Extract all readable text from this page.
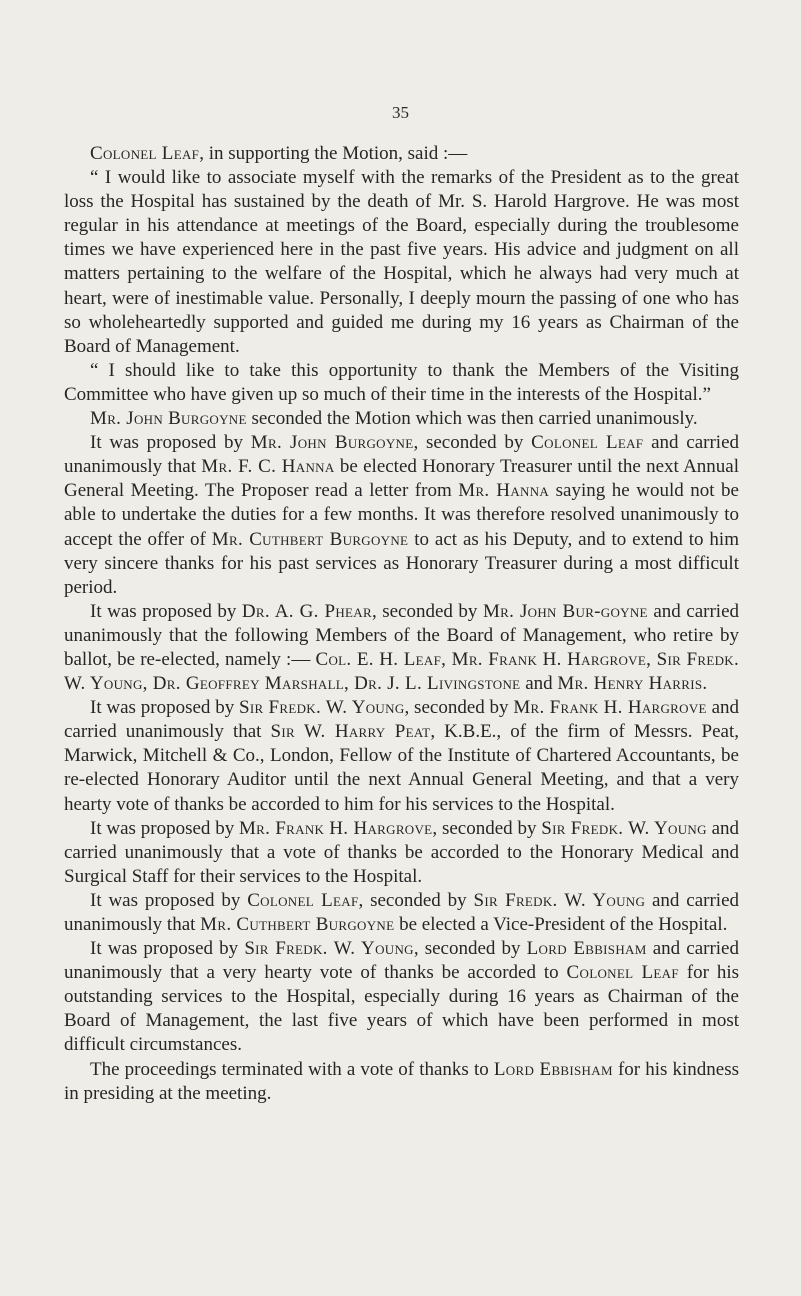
35

Colonel Leaf, in supporting the Motion, said :—

“ I would like to associate myself with the remarks of the President as to the great loss the Hospital has sustained by the death of Mr. S. Harold Hargrove. He was most regular in his attendance at meetings of the Board, especially during the troublesome times we have experienced here in the past five years. His advice and judgment on all matters pertaining to the welfare of the Hospital, which he always had very much at heart, were of inestimable value. Personally, I deeply mourn the passing of one who has so wholeheartedly supported and guided me during my 16 years as Chairman of the Board of Management.

“ I should like to take this opportunity to thank the Members of the Visiting Committee who have given up so much of their time in the interests of the Hospital.”

Mr. John Burgoyne seconded the Motion which was then carried unanimously.

It was proposed by Mr. John Burgoyne, seconded by Colonel Leaf and carried unanimously that Mr. F. C. Hanna be elected Honorary Treasurer until the next Annual General Meeting. The Proposer read a letter from Mr. Hanna saying he would not be able to undertake the duties for a few months. It was therefore resolved unanimously to accept the offer of Mr. Cuthbert Burgoyne to act as his Deputy, and to extend to him very sincere thanks for his past services as Honorary Treasurer during a most difficult period.

It was proposed by Dr. A. G. Phear, seconded by Mr. John Bur-goyne and carried unanimously that the following Members of the Board of Management, who retire by ballot, be re-elected, namely :— Col. E. H. Leaf, Mr. Frank H. Hargrove, Sir Fredk. W. Young, Dr. Geoffrey Marshall, Dr. J. L. Livingstone and Mr. Henry Harris.

It was proposed by Sir Fredk. W. Young, seconded by Mr. Frank H. Hargrove and carried unanimously that Sir W. Harry Peat, K.B.E., of the firm of Messrs. Peat, Marwick, Mitchell & Co., London, Fellow of the Institute of Chartered Accountants, be re-elected Honorary Auditor until the next Annual General Meeting, and that a very hearty vote of thanks be accorded to him for his services to the Hospital.

It was proposed by Mr. Frank H. Hargrove, seconded by Sir Fredk. W. Young and carried unanimously that a vote of thanks be accorded to the Honorary Medical and Surgical Staff for their services to the Hospital.

It was proposed by Colonel Leaf, seconded by Sir Fredk. W. Young and carried unanimously that Mr. Cuthbert Burgoyne be elected a Vice-President of the Hospital.

It was proposed by Sir Fredk. W. Young, seconded by Lord Ebbisham and carried unanimously that a very hearty vote of thanks be accorded to Colonel Leaf for his outstanding services to the Hospital, especially during 16 years as Chairman of the Board of Management, the last five years of which have been performed in most difficult circumstances.

The proceedings terminated with a vote of thanks to Lord Ebbisham for his kindness in presiding at the meeting.
